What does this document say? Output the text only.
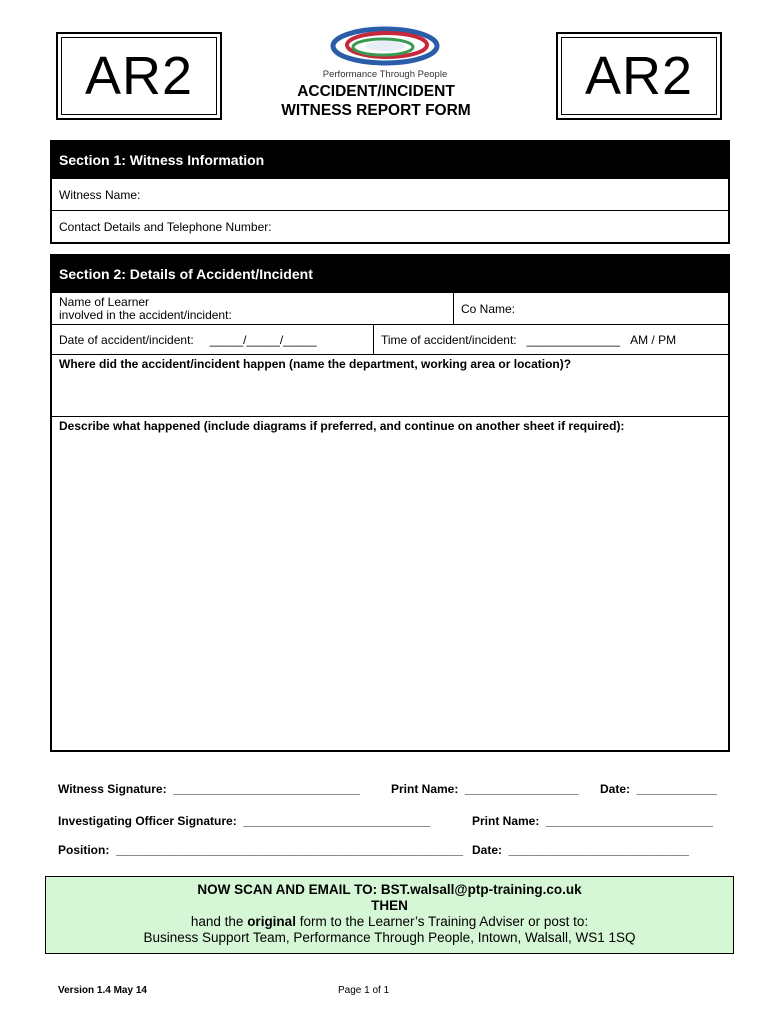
AR2	AR2
Performance Through People
ACCIDENT/INCIDENT
WITNESS REPORT FORM
Section 1: Witness Information
Witness Name:
Contact Details and Telephone Number:
Section 2: Details of Accident/Incident
Name of Learner
involved in the accident/incident:	Co Name:
Date of accident/incident: _____/_____/_____	Time of accident/incident: ______________ AM / PM
Where did the accident/incident happen (name the department, working area or location)?
Describe what happened (include diagrams if preferred, and continue on another sheet if required):
Witness Signature:  ____________________________	Print Name:  _________________ Date:  ____________
Investigating Officer Signature:  ____________________________	Print Name:  _________________________
Position:  ____________________________________________________ Date:  ___________________________
NOW SCAN AND EMAIL TO: BST.walsall@ptp-training.co.uk
THEN
hand the original form to the Learner’s Training Adviser or post to:
Business Support Team, Performance Through People, Intown, Walsall, WS1 1SQ
Version 1.4 May 14	Page 1 of 1
